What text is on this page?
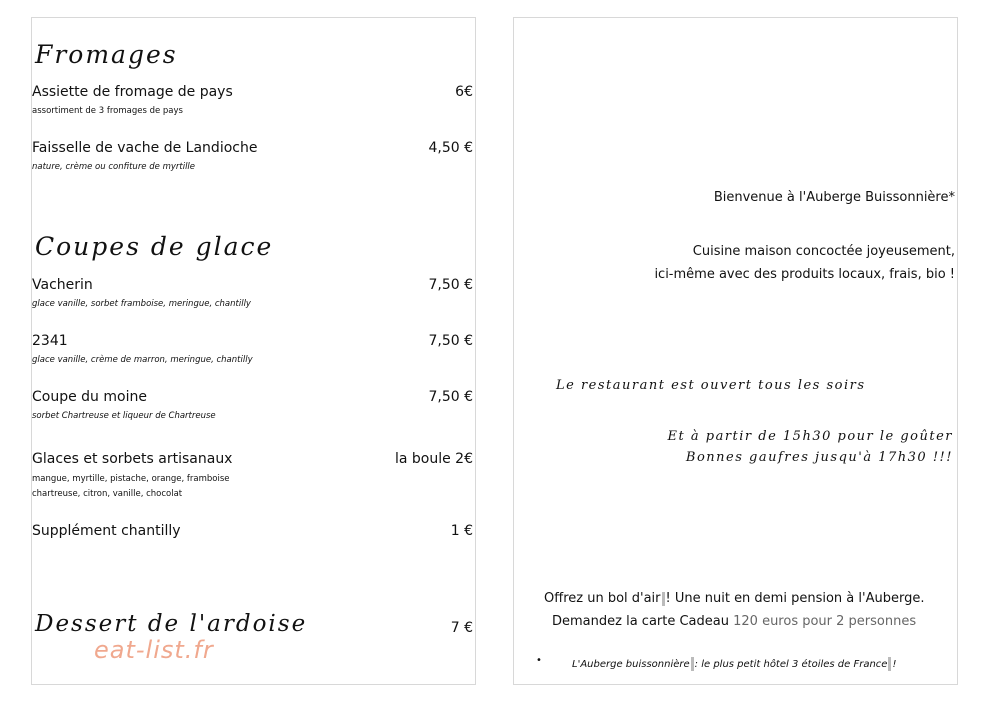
Fromages
Assiette de fromage de pays	6€
assortiment de 3 fromages de pays
Faisselle de vache de Landioche	4,50 €
nature, crème ou confiture de myrtille
Coupes de glace
Vacherin	7,50 €
glace vanille, sorbet framboise, meringue, chantilly
2341	7,50 €
glace vanille, crème de marron, meringue, chantilly
Coupe du moine	7,50 €
sorbet Chartreuse et liqueur de Chartreuse
Glaces et sorbets artisanaux	la boule 2€
mangue, myrtille, pistache, orange, framboise
chartreuse, citron, vanille, chocolat
Supplément chantilly	1 €
Dessert de l'ardoise	7 €
eat-list.fr
Bienvenue à l'Auberge Buissonnière*
Cuisine maison concoctée joyeusement,
ici-même avec des produits locaux, frais, bio !
Le restaurant est ouvert tous les soirs
Et à partir de 15h30 pour le goûter
Bonnes gaufres jusqu'à 17h30 !!!
Offrez un bol d'air ! Une nuit en demi pension à l'Auberge.
Demandez la carte Cadeau 120 euros pour 2 personnes
•	L'Auberge buissonnière : le plus petit hôtel 3 étoiles de France !
